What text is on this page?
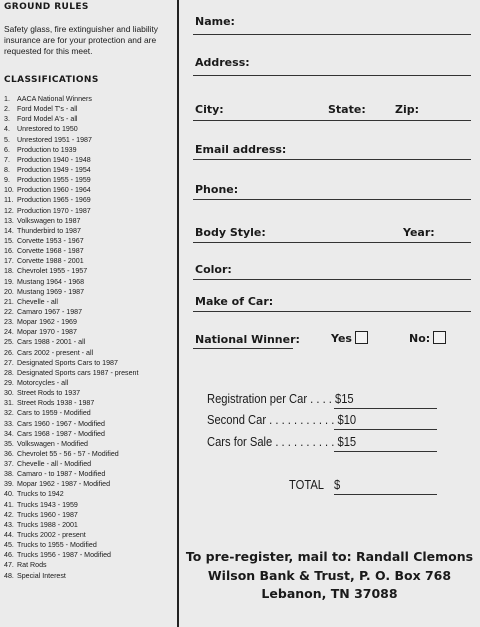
GROUND RULES

Safety glass, fire extinguisher and liability insurance are for your protection and are requested for this meet.

CLASSIFICATIONS
1. AACA National Winners
2. Ford Model T's - all
3. Ford Model A's - all
4. Unrestored to 1950
5. Unrestored 1951 - 1987
6. Production to 1939
7. Production 1940 - 1948
8. Production 1949 - 1954
9. Production 1955 - 1959
10. Production 1960 - 1964
11. Production 1965 - 1969
12. Production 1970 - 1987
13. Volkswagen to 1987
14. Thunderbird to 1987
15. Corvette 1953 - 1967
16. Corvette 1968 - 1987
17. Corvette 1988 - 2001
18. Chevrolet 1955 - 1957
19. Mustang 1964 - 1968
20. Mustang 1969 - 1987
21. Chevelle - all
22. Camaro 1967 - 1987
23. Mopar 1962 - 1969
24. Mopar 1970 - 1987
25. Cars 1988 - 2001 - all
26. Cars 2002 - present - all
27. Designated Sports Cars to 1987
28. Designated Sports cars 1987 - present
29. Motorcycles - all
30. Street Rods to 1937
31. Street Rods 1938 - 1987
32. Cars to 1959 - Modified
33. Cars 1960 - 1967 - Modified
34. Cars 1968 - 1987 - Modified
35. Volkswagen - Modified
36. Chevrolet 55 - 56 - 57 - Modified
37. Chevelle - all - Modified
38. Camaro - to 1987 - Modified
39. Mopar 1962 - 1987 - Modified
40. Trucks to 1942
41. Trucks 1943 - 1959
42. Trucks 1960 - 1987
43. Trucks 1988 - 2001
44. Trucks 2002 - present
45. Trucks to 1955 - Modified
46. Trucks 1956 - 1987 - Modified
47. Rat Rods
48. Special Interest
Name:
Address:
City:	State:	Zip:
Email address:
Phone:
Body Style:	Year:
Color:
Make of Car:
National Winner:	Yes	No:
Registration per Car . . . . $15
Second Car . . . . . . . . . . . $10
Cars for Sale . . . . . . . . . . $15
TOTAL $
To pre-register, mail to: Randall Clemons
Wilson Bank & Trust, P. O. Box 768
Lebanon, TN 37088
